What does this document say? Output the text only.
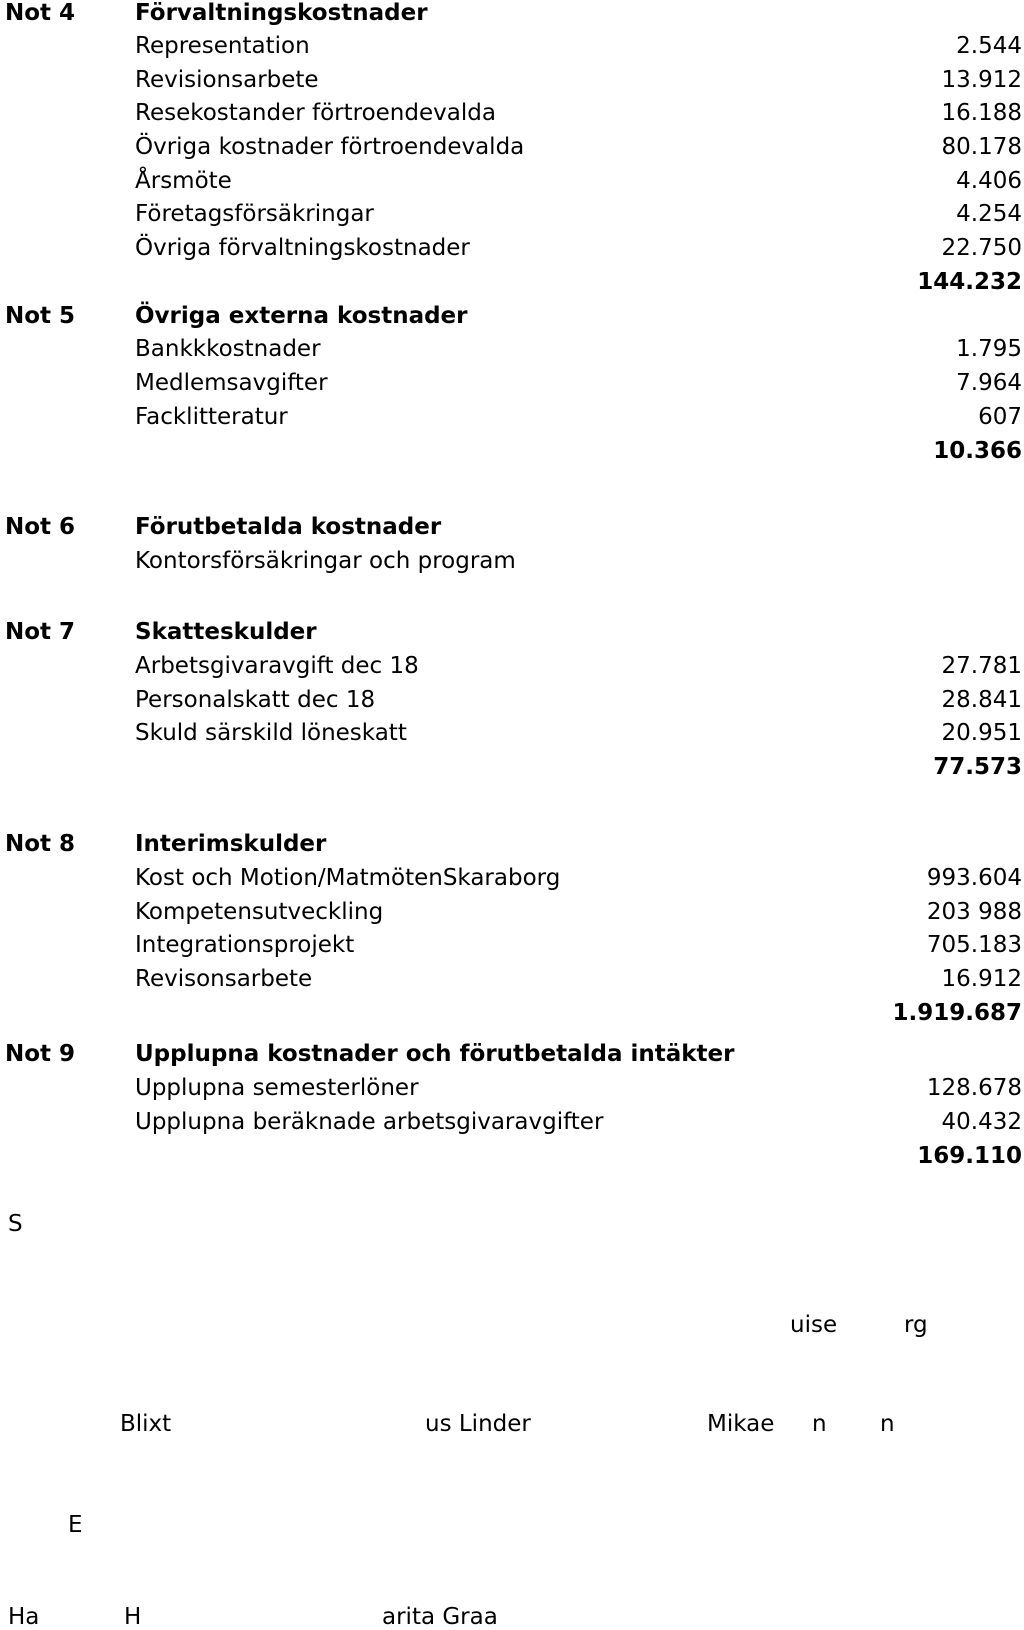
Not 4	Förvaltningskostnader
Representation	2.544
Revisionsarbete	13.912
Resekostander förtroendevalda	16.188
Övriga kostnader förtroendevalda	80.178
Årsmöte	4.406
Företagsförsäkringar	4.254
Övriga förvaltningskostnader	22.750
144.232
Not 5	Övriga externa kostnader
Bankkkostnader	1.795
Medlemsavgifter	7.964
Facklitteratur	607
10.366
Not 6	Förutbetalda kostnader
Kontorsförsäkringar och program
Not 7	Skatteskulder
Arbetsgivaravgift dec 18	27.781
Personalskatt dec 18	28.841
Skuld särskild löneskatt	20.951
77.573
Not 8	Interimskulder
Kost och Motion/MatmötenSkaraborg	993.604
Kompetensutveckling	203 988
Integrationsprojekt	705.183
Revisonsarbete	16.912
1.919.687
Not 9	Upplupna kostnader och förutbetalda intäkter
Upplupna semesterlöner	128.678
Upplupna beräknade arbetsgivaravgifter	40.432
169.110
S
uise	rg
Blixt	us Linder	Mikae n n
E
Ha	H	arita Graa
